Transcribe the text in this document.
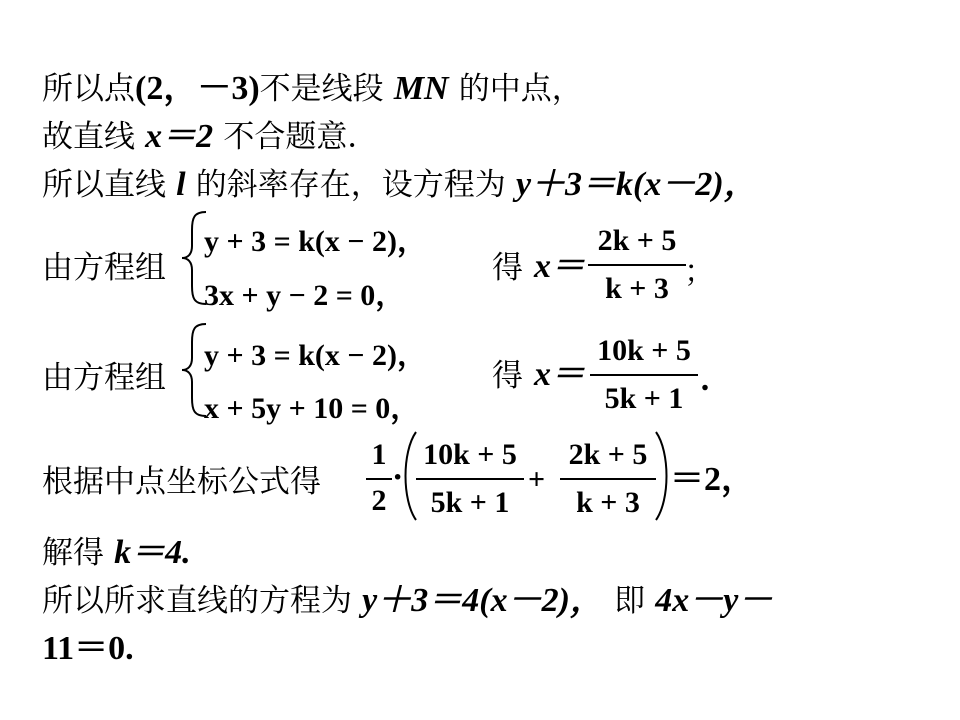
所以点(2，－3)不是线段 MN 的中点，
故直线 x＝2 不合题意．
所以直线 l 的斜率存在，设方程为 y＋3＝k(x－2)，
由方程组
y + 3 = k(x − 2)，
3x + y − 2 = 0，
得 x＝
2k + 5
k + 3 ；
由方程组
y + 3 = k(x − 2)，
x + 5y + 10 = 0，
得 x＝
10k + 5
5k + 1
.
根据中点坐标公式得
1
2
·
10k + 5
5k + 1
+
2k + 5
k + 3
＝2，
解得 k＝4.
所以所求直线的方程为 y＋3＝4(x－2)， 即 4x－y－
11＝0.
